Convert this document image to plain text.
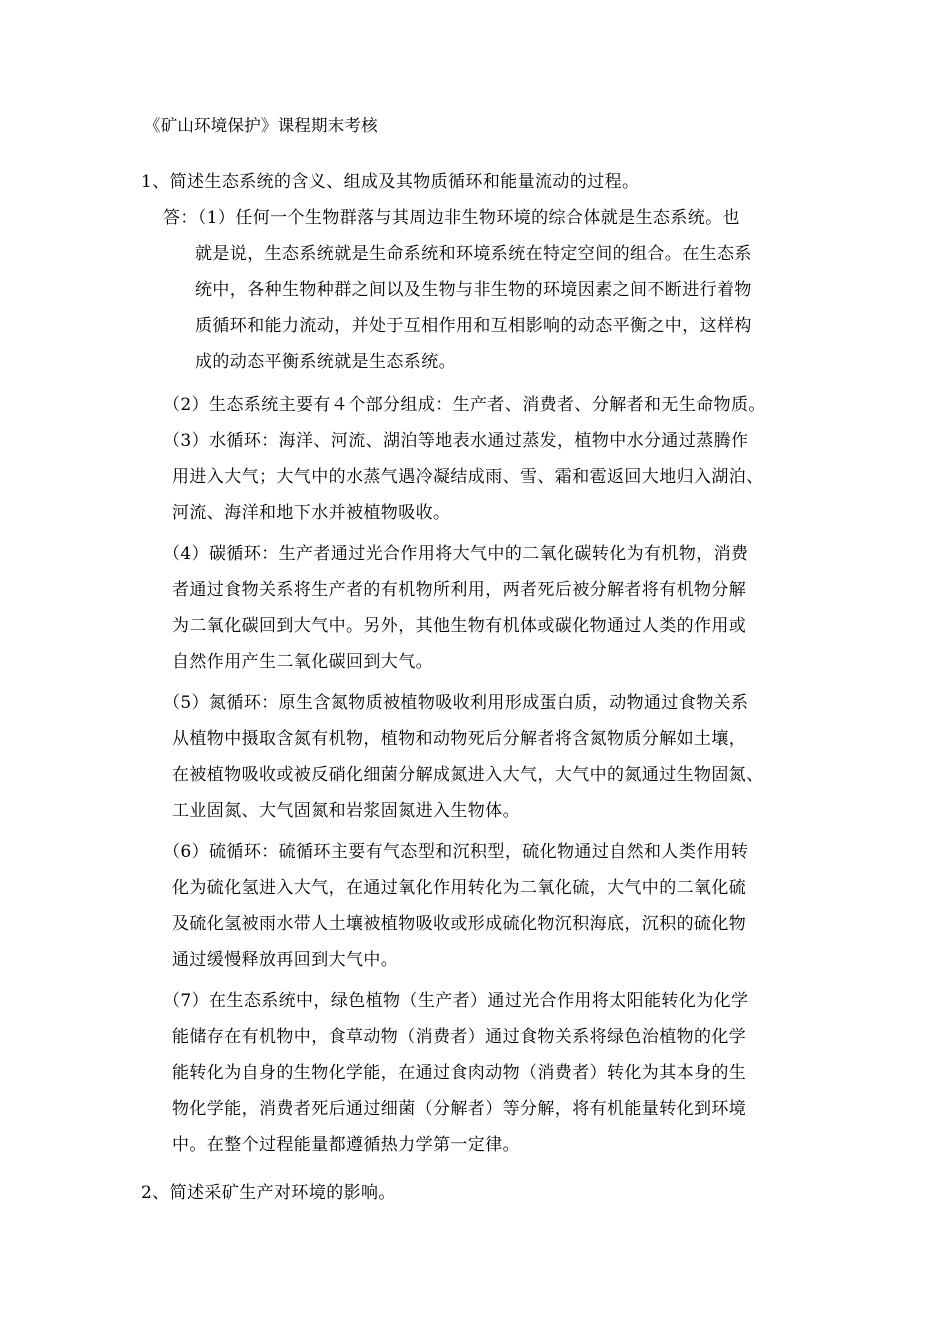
《矿山环境保护》课程期末考核
1、简述生态系统的含义、组成及其物质循环和能量流动的过程。
答：（1）任何一个生物群落与其周边非生物环境的综合体就是生态系统。也
就是说，生态系统就是生命系统和环境系统在特定空间的组合。在生态系
统中，各种生物种群之间以及生物与非生物的环境因素之间不断进行着物
质循环和能力流动，并处于互相作用和互相影响的动态平衡之中，这样构
成的动态平衡系统就是生态系统。
（2）生态系统主要有４个部分组成：生产者、消费者、分解者和无生命物质。
（3）水循环：海洋、河流、湖泊等地表水通过蒸发，植物中水分通过蒸腾作
用进入大气；大气中的水蒸气遇冷凝结成雨、雪、霜和雹返回大地归入湖泊、
河流、海洋和地下水并被植物吸收。
（4）碳循环：生产者通过光合作用将大气中的二氧化碳转化为有机物，消费
者通过食物关系将生产者的有机物所利用，两者死后被分解者将有机物分解
为二氧化碳回到大气中。另外，其他生物有机体或碳化物通过人类的作用或
自然作用产生二氧化碳回到大气。
（5）氮循环：原生含氮物质被植物吸收利用形成蛋白质，动物通过食物关系
从植物中摄取含氮有机物，植物和动物死后分解者将含氮物质分解如土壤，
在被植物吸收或被反硝化细菌分解成氮进入大气，大气中的氮通过生物固氮、
工业固氮、大气固氮和岩浆固氮进入生物体。
（6）硫循环：硫循环主要有气态型和沉积型，硫化物通过自然和人类作用转
化为硫化氢进入大气，在通过氧化作用转化为二氧化硫，大气中的二氧化硫
及硫化氢被雨水带人土壤被植物吸收或形成硫化物沉积海底，沉积的硫化物
通过缓慢释放再回到大气中。
（7）在生态系统中，绿色植物（生产者）通过光合作用将太阳能转化为化学
能储存在有机物中，食草动物（消费者）通过食物关系将绿色治植物的化学
能转化为自身的生物化学能，在通过食肉动物（消费者）转化为其本身的生
物化学能，消费者死后通过细菌（分解者）等分解，将有机能量转化到环境
中。在整个过程能量都遵循热力学第一定律。
2、简述采矿生产对环境的影响。
